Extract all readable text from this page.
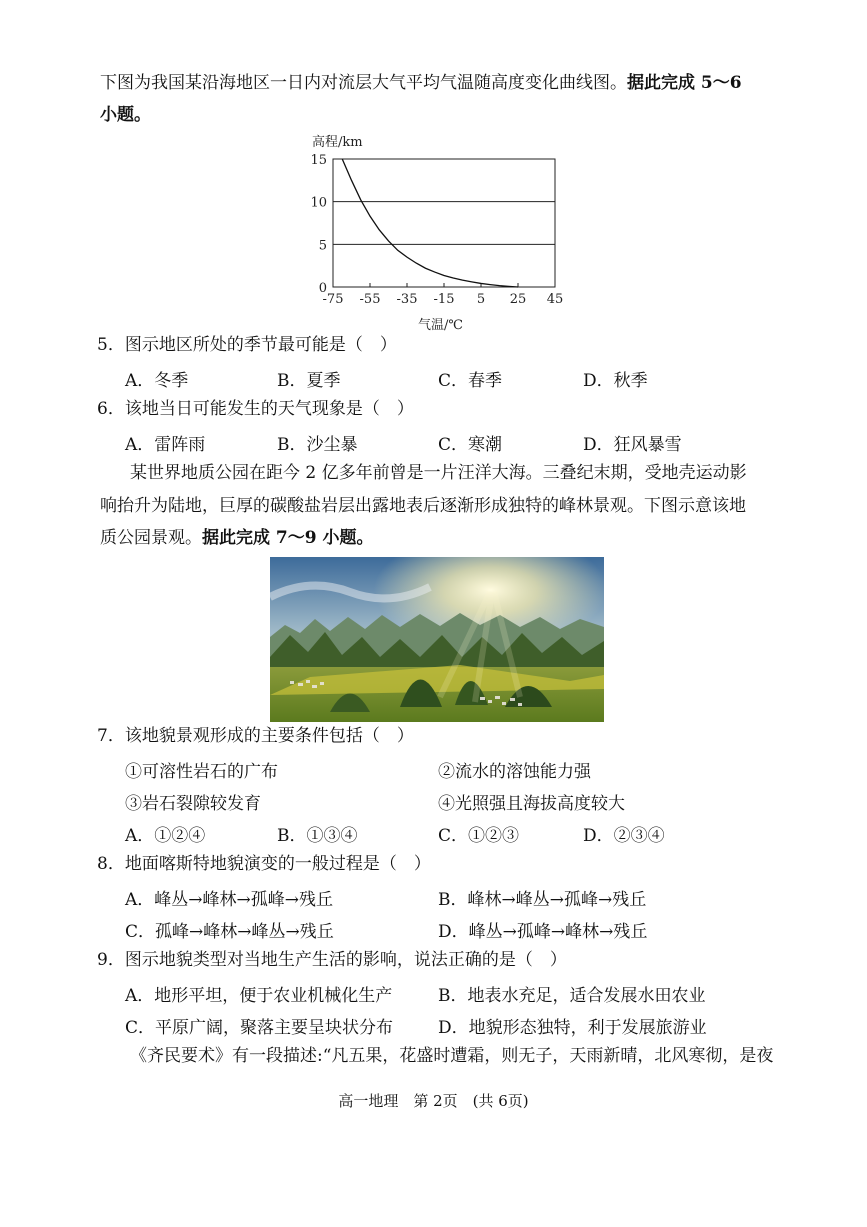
下图为我国某沿海地区一日内对流层大气平均气温随高度变化曲线图。据此完成 5～6
小题。
高程/km
15
10
5
0
-75 -55 -35 -15 5 25 45
气温/℃
5．图示地区所处的季节最可能是（　）
A．冬季	B．夏季	C．春季	D．秋季
6．该地当日可能发生的天气现象是（　）
A．雷阵雨	B．沙尘暴	C．寒潮	D．狂风暴雪
某世界地质公园在距今 2 亿多年前曾是一片汪洋大海。三叠纪末期，受地壳运动影
响抬升为陆地，巨厚的碳酸盐岩层出露地表后逐渐形成独特的峰林景观。下图示意该地
质公园景观。据此完成 7～9 小题。
7．该地貌景观形成的主要条件包括（　）
①可溶性岩石的广布	②流水的溶蚀能力强
③岩石裂隙较发育	④光照强且海拔高度较大
A．①②④	B．①③④	C．①②③	D．②③④
8．地面喀斯特地貌演变的一般过程是（　）
A．峰丛→峰林→孤峰→残丘	B．峰林→峰丛→孤峰→残丘
C．孤峰→峰林→峰丛→残丘	D．峰丛→孤峰→峰林→残丘
9．图示地貌类型对当地生产生活的影响，说法正确的是（　）
A．地形平坦，便于农业机械化生产	B．地表水充足，适合发展水田农业
C．平原广阔，聚落主要呈块状分布	D．地貌形态独特，利于发展旅游业
《齐民要术》有一段描述:“凡五果，花盛时遭霜，则无子，天雨新晴，北风寒彻，是夜
高一地理　第 2页　(共 6页)
